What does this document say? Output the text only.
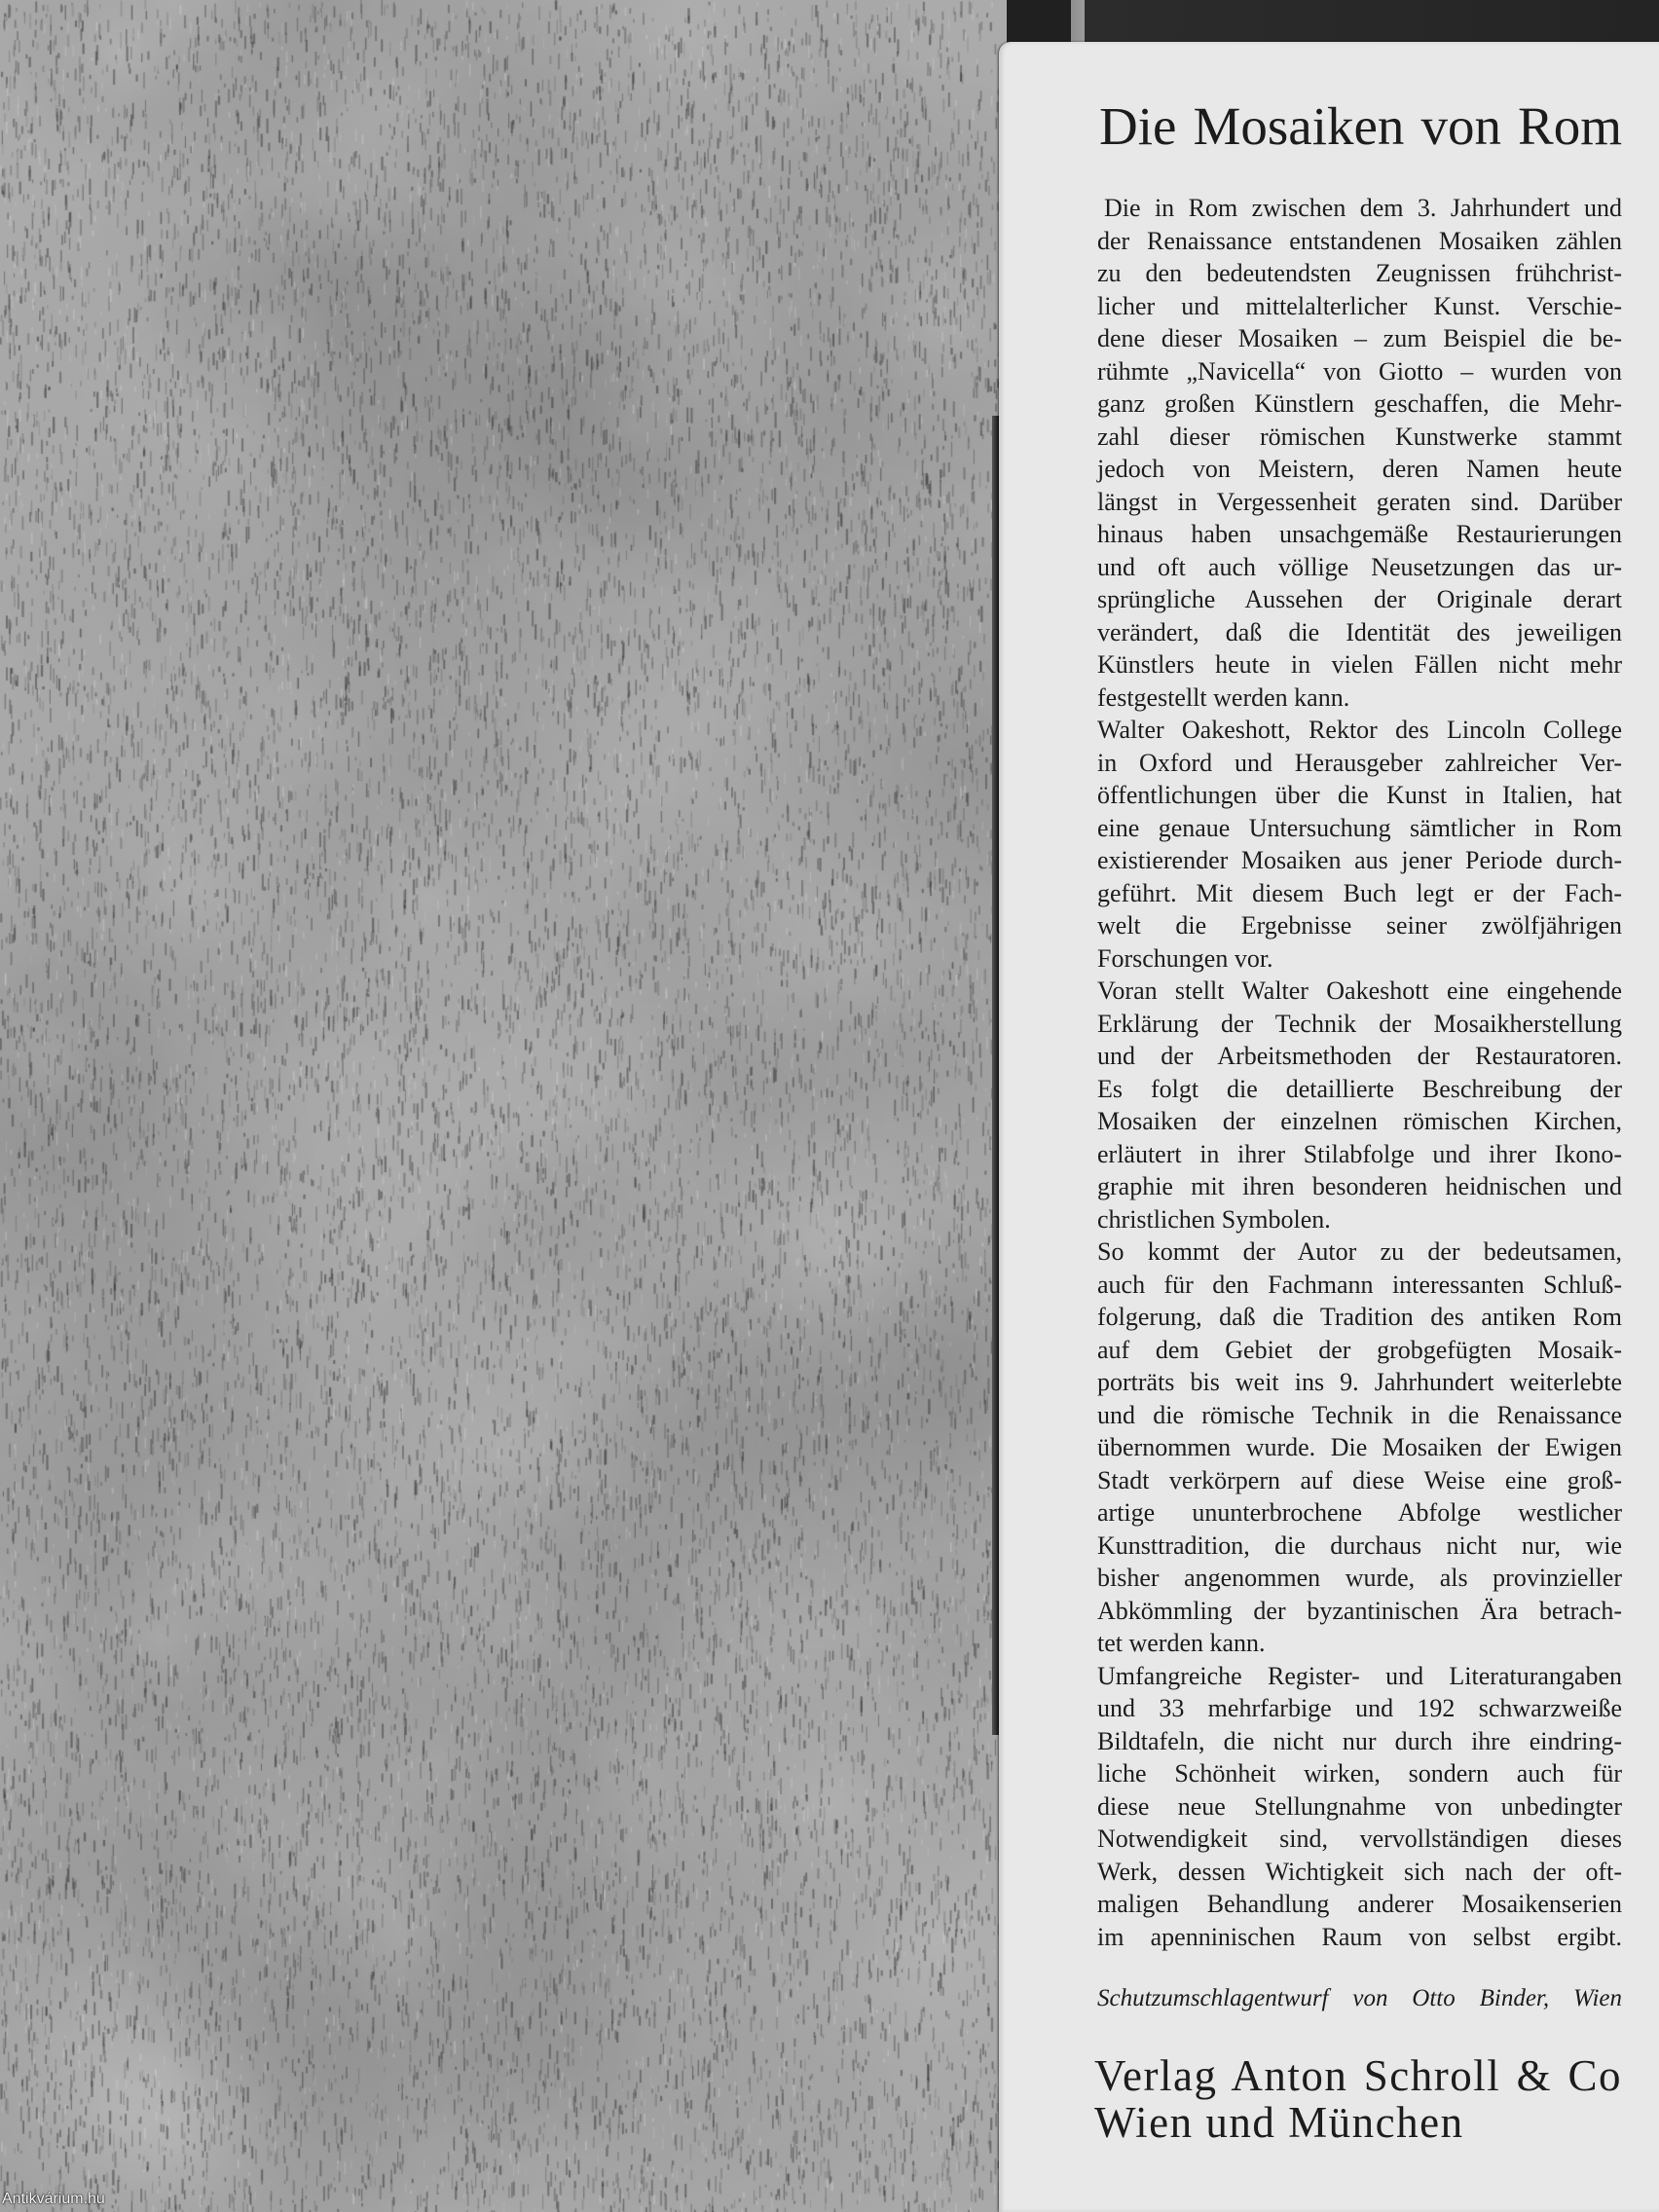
Die Mosaiken von Rom
Die in Rom zwischen dem 3. Jahrhundert und
der Renaissance entstandenen Mosaiken zählen
zu den bedeutendsten Zeugnissen frühchrist-
licher und mittelalterlicher Kunst. Verschie-
dene dieser Mosaiken – zum Beispiel die be-
rühmte „Navicella“ von Giotto – wurden von
ganz großen Künstlern geschaffen, die Mehr-
zahl dieser römischen Kunstwerke stammt
jedoch von Meistern, deren Namen heute
längst in Vergessenheit geraten sind. Darüber
hinaus haben unsachgemäße Restaurierungen
und oft auch völlige Neusetzungen das ur-
sprüngliche Aussehen der Originale derart
verändert, daß die Identität des jeweiligen
Künstlers heute in vielen Fällen nicht mehr
festgestellt werden kann.
Walter Oakeshott, Rektor des Lincoln College
in Oxford und Herausgeber zahlreicher Ver-
öffentlichungen über die Kunst in Italien, hat
eine genaue Untersuchung sämtlicher in Rom
existierender Mosaiken aus jener Periode durch-
geführt. Mit diesem Buch legt er der Fach-
welt die Ergebnisse seiner zwölfjährigen
Forschungen vor.
Voran stellt Walter Oakeshott eine eingehende
Erklärung der Technik der Mosaikherstellung
und der Arbeitsmethoden der Restauratoren.
Es folgt die detaillierte Beschreibung der
Mosaiken der einzelnen römischen Kirchen,
erläutert in ihrer Stilabfolge und ihrer Ikono-
graphie mit ihren besonderen heidnischen und
christlichen Symbolen.
So kommt der Autor zu der bedeutsamen,
auch für den Fachmann interessanten Schluß-
folgerung, daß die Tradition des antiken Rom
auf dem Gebiet der grobgefügten Mosaik-
porträts bis weit ins 9. Jahrhundert weiterlebte
und die römische Technik in die Renaissance
übernommen wurde. Die Mosaiken der Ewigen
Stadt verkörpern auf diese Weise eine groß-
artige ununterbrochene Abfolge westlicher
Kunsttradition, die durchaus nicht nur, wie
bisher angenommen wurde, als provinzieller
Abkömmling der byzantinischen Ära betrach-
tet werden kann.
Umfangreiche Register- und Literaturangaben
und 33 mehrfarbige und 192 schwarzweiße
Bildtafeln, die nicht nur durch ihre eindring-
liche Schönheit wirken, sondern auch für
diese neue Stellungnahme von unbedingter
Notwendigkeit sind, vervollständigen dieses
Werk, dessen Wichtigkeit sich nach der oft-
maligen Behandlung anderer Mosaikenserien
im apenninischen Raum von selbst ergibt.
Schutzumschlagentwurf von Otto Binder, Wien
Verlag Anton Schroll & Co
Wien und München
Antikvárium.hu
